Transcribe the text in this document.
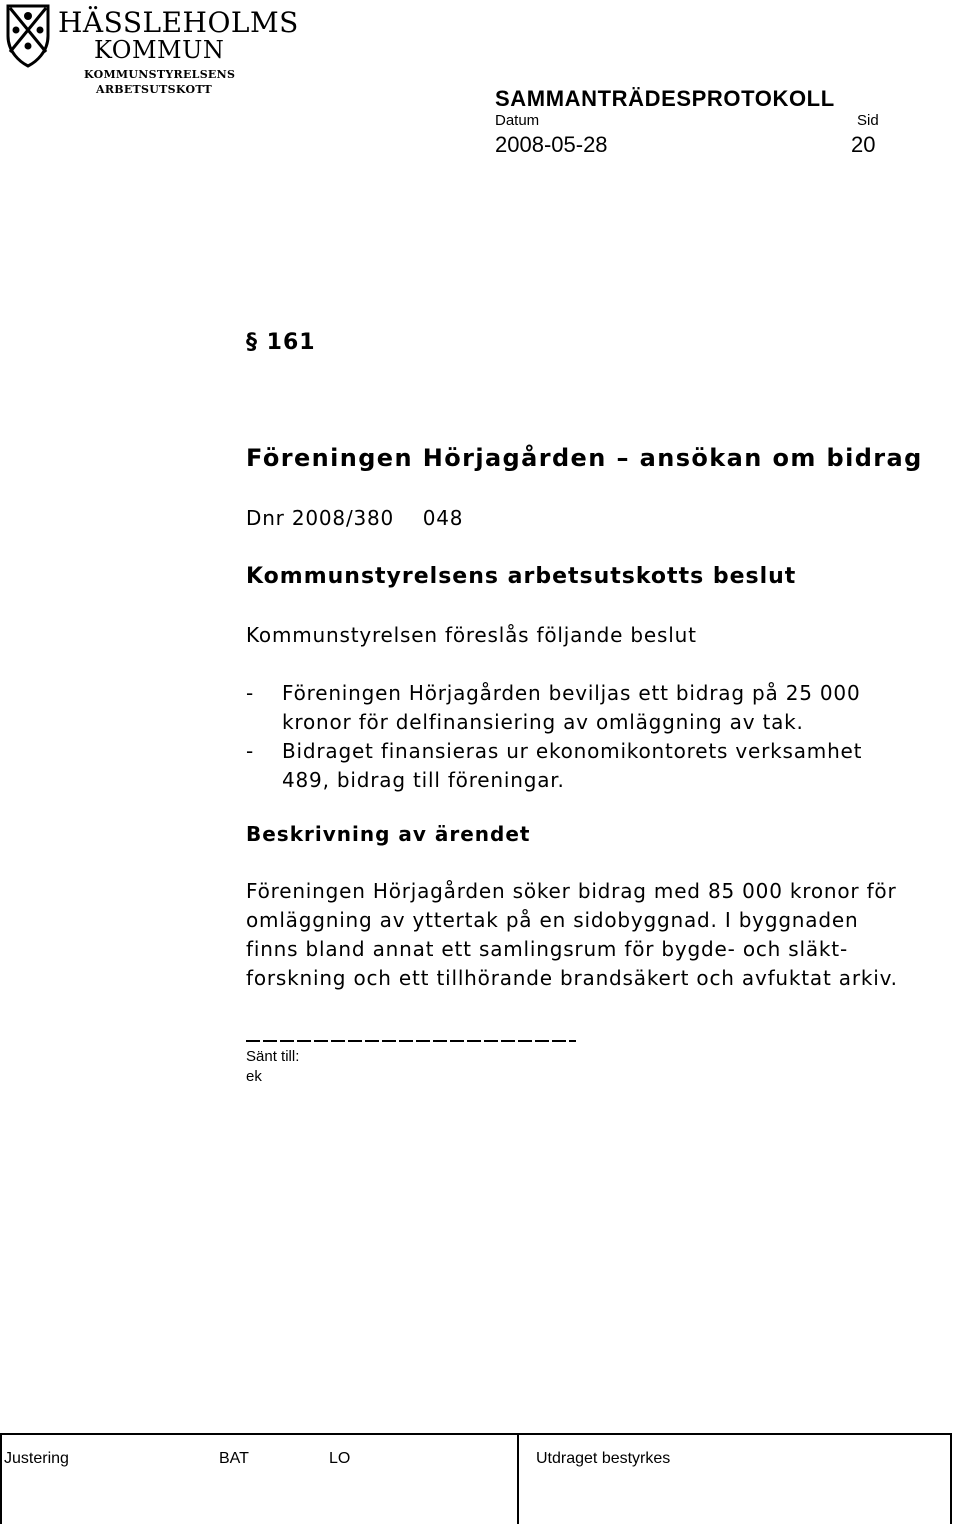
HÄSSLEHOLMS
KOMMUN
KOMMUNSTYRELSENS
ARBETSUTSKOTT	SAMMANTRÄDESPROTOKOLL
Datum	Sid
2008-05-28	20
§ 161
Föreningen Hörjagården – ansökan om bidrag
Dnr 2008/380    048
Kommunstyrelsens arbetsutskotts beslut
Kommunstyrelsen föreslås följande beslut
-	Föreningen Hörjagården beviljas ett bidrag på 25 000
kronor för delfinansiering av omläggning av tak.
-	Bidraget finansieras ur ekonomikontorets verksamhet
489, bidrag till föreningar.
Beskrivning av ärendet
Föreningen Hörjagården söker bidrag med 85 000 kronor för
omläggning av yttertak på en sidobyggnad. I byggnaden
finns bland annat ett samlingsrum för bygde- och släkt-
forskning och ett tillhörande brandsäkert och avfuktat arkiv.
Sänt till:
ek
Justering	BAT	LO	Utdraget bestyrkes
